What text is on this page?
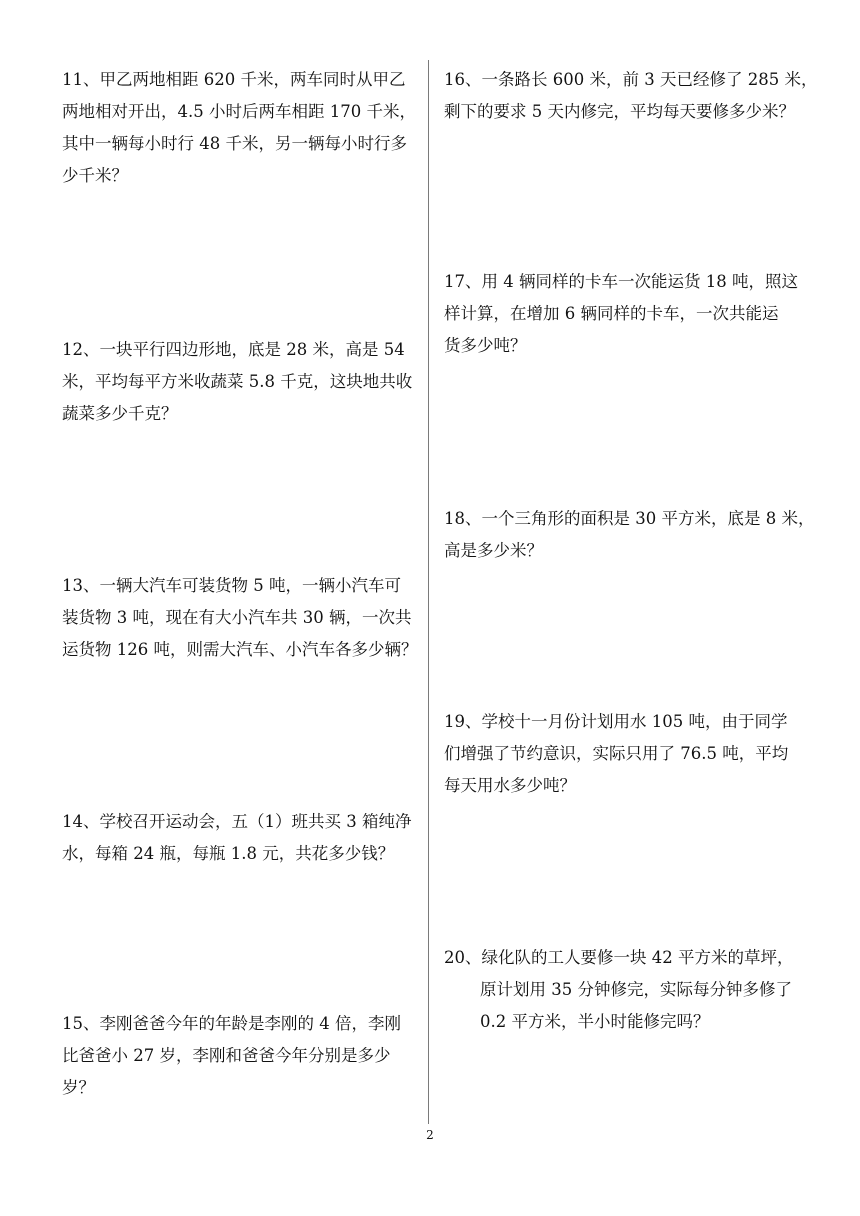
11、甲乙两地相距 620 千米，两车同时从甲乙
两地相对开出，4.5 小时后两车相距 170 千米，
其中一辆每小时行 48 千米，另一辆每小时行多
少千米？
12、一块平行四边形地，底是 28 米，高是 54
米，平均每平方米收蔬菜 5.8 千克，这块地共收
蔬菜多少千克？
13、一辆大汽车可装货物 5 吨，一辆小汽车可
装货物 3 吨，现在有大小汽车共 30 辆，一次共
运货物 126 吨，则需大汽车、小汽车各多少辆？
14、学校召开运动会，五（1）班共买 3 箱纯净
水，每箱 24 瓶，每瓶 1.8 元，共花多少钱？
15、李刚爸爸今年的年龄是李刚的 4 倍，李刚
比爸爸小 27 岁，李刚和爸爸今年分别是多少
岁？
16、一条路长 600 米，前 3 天已经修了 285 米，
剩下的要求 5 天内修完，平均每天要修多少米？
17、用 4 辆同样的卡车一次能运货 18 吨，照这
样计算，在增加 6 辆同样的卡车，一次共能运
货多少吨？
18、一个三角形的面积是 30 平方米，底是 8 米，
高是多少米？
19、学校十一月份计划用水 105 吨，由于同学
们增强了节约意识，实际只用了 76.5 吨，平均
每天用水多少吨？
20、绿化队的工人要修一块 42 平方米的草坪，
原计划用 35 分钟修完，实际每分钟多修了
0.2 平方米，半小时能修完吗？
2
